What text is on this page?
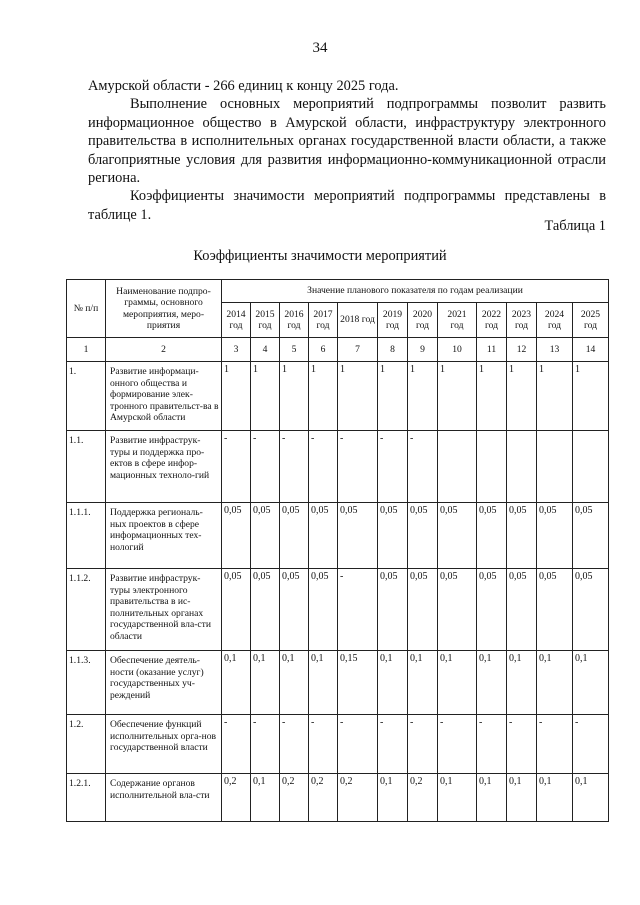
34

Амурской области - 266 единиц к концу 2025 года.

Выполнение основных мероприятий подпрограммы позволит развить информационное общество в Амурской области, инфраструктуру электронного правительства в исполнительных органах государственной власти области, а также благоприятные условия для развития информационно-коммуникационной отрасли региона.

Коэффициенты значимости мероприятий подпрограммы представлены в таблице 1.

Таблица 1
Коэффициенты значимости мероприятий
№ п/п	Наименование подпро-граммы, основного мероприятия, меро-приятия	Значение планового показателя по годам реализации											
		2014 год	2015 год	2016 год	2017 год	2018 год	2019 год	2020 год	2021 год	2022 год	2023 год	2024 год	2025 год
1	2	3	4	5	6	7	8	9	10	11	12	13	14
1.	Развитие информаци-онного общества и формирование элек-тронного правительст-ва в Амурской области	1	1	1	1	1	1	1	1	1	1	1	1
1.1.	Развитие инфраструк-туры и поддержка про-ектов в сфере инфор-мационных техноло-гий	-	-	-	-	-	-	-					
1.1.1.	Поддержка региональ-ных проектов в сфере информационных тех-нологий	0,05	0,05	0,05	0,05	0,05	0,05	0,05	0,05	0,05	0,05	0,05	0,05
1.1.2.	Развитие инфраструк-туры электронного правительства в ис-полнительных органах государственной вла-сти области	0,05	0,05	0,05	0,05	-	0,05	0,05	0,05	0,05	0,05	0,05	0,05
1.1.3.	Обеспечение деятель-ности (оказание услуг) государственных уч-реждений	0,1	0,1	0,1	0,1	0,15	0,1	0,1	0,1	0,1	0,1	0,1	0,1
1.2.	Обеспечение функций исполнительных орга-нов государственной власти	-	-	-	-	-	-	-	-	-	-	-	-
1.2.1.	Содержание органов исполнительной вла-сти	0,2	0,1	0,2	0,2	0,2	0,1	0,2	0,1	0,1	0,1	0,1	0,1
